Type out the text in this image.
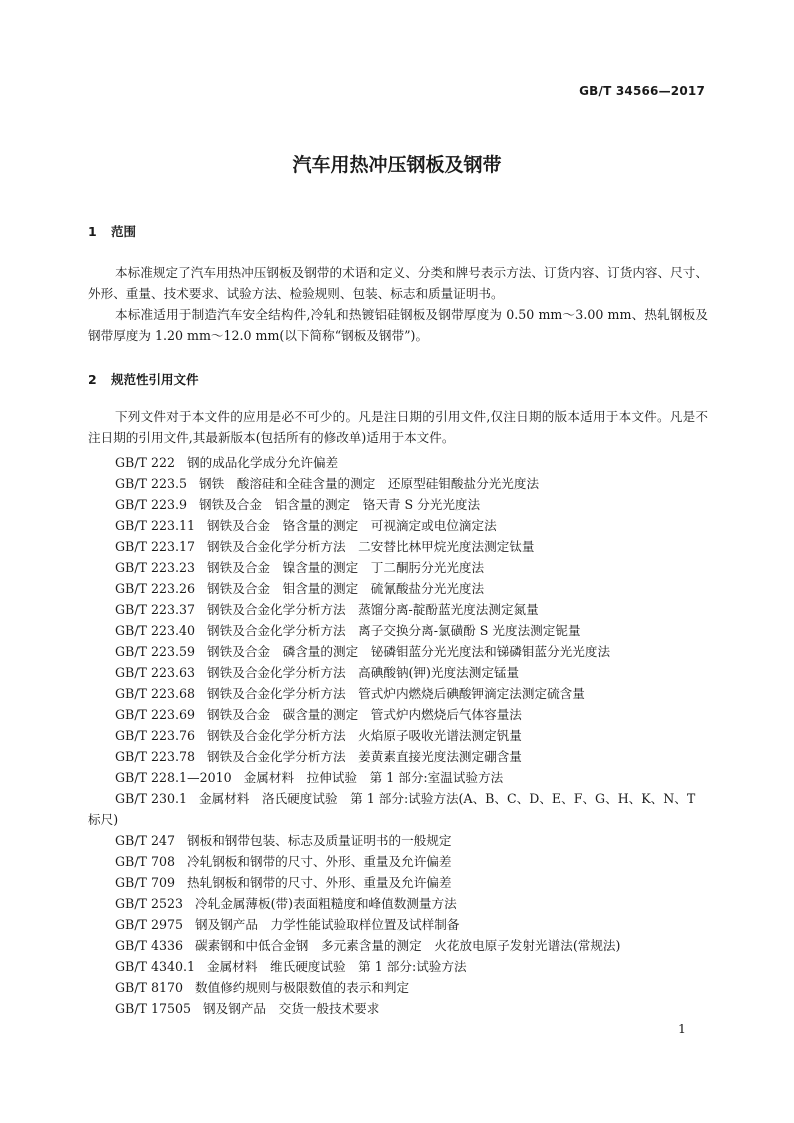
GB/T 34566—2017
汽车用热冲压钢板及钢带
1 范围
本标准规定了汽车用热冲压钢板及钢带的术语和定义、分类和牌号表示方法、订货内容、订货内容、尺寸、外形、重量、技术要求、试验方法、检验规则、包装、标志和质量证明书。
本标准适用于制造汽车安全结构件,冷轧和热镀铝硅钢板及钢带厚度为 0.50 mm～3.00 mm、热轧钢板及钢带厚度为 1.20 mm～12.0 mm(以下简称“钢板及钢带”)。
2 规范性引用文件
下列文件对于本文件的应用是必不可少的。凡是注日期的引用文件,仅注日期的版本适用于本文件。凡是不注日期的引用文件,其最新版本(包括所有的修改单)适用于本文件。
GB/T 222 钢的成品化学成分允许偏差
GB/T 223.5 钢铁　酸溶硅和全硅含量的测定　还原型硅钼酸盐分光光度法
GB/T 223.9 钢铁及合金　铝含量的测定　铬天青 S 分光光度法
GB/T 223.11 钢铁及合金　铬含量的测定　可视滴定或电位滴定法
GB/T 223.17 钢铁及合金化学分析方法　二安替比林甲烷光度法测定钛量
GB/T 223.23 钢铁及合金　镍含量的测定　丁二酮肟分光光度法
GB/T 223.26 钢铁及合金　钼含量的测定　硫氰酸盐分光光度法
GB/T 223.37 钢铁及合金化学分析方法　蒸馏分离-靛酚蓝光度法测定氮量
GB/T 223.40 钢铁及合金化学分析方法　离子交换分离-氯磺酚 S 光度法测定铌量
GB/T 223.59 钢铁及合金　磷含量的测定　铋磷钼蓝分光光度法和锑磷钼蓝分光光度法
GB/T 223.63 钢铁及合金化学分析方法　高碘酸钠(钾)光度法测定锰量
GB/T 223.68 钢铁及合金化学分析方法　管式炉内燃烧后碘酸钾滴定法测定硫含量
GB/T 223.69 钢铁及合金　碳含量的测定　管式炉内燃烧后气体容量法
GB/T 223.76 钢铁及合金化学分析方法　火焰原子吸收光谱法测定钒量
GB/T 223.78 钢铁及合金化学分析方法　姜黄素直接光度法测定硼含量
GB/T 228.1—2010 金属材料　拉伸试验　第 1 部分:室温试验方法
GB/T 230.1 金属材料　洛氏硬度试验　第 1 部分:试验方法(A、B、C、D、E、F、G、H、K、N、T 标尺)
GB/T 247 钢板和钢带包装、标志及质量证明书的一般规定
GB/T 708 冷轧钢板和钢带的尺寸、外形、重量及允许偏差
GB/T 709 热轧钢板和钢带的尺寸、外形、重量及允许偏差
GB/T 2523 冷轧金属薄板(带)表面粗糙度和峰值数测量方法
GB/T 2975 钢及钢产品　力学性能试验取样位置及试样制备
GB/T 4336 碳素钢和中低合金钢　多元素含量的测定　火花放电原子发射光谱法(常规法)
GB/T 4340.1 金属材料　维氏硬度试验　第 1 部分:试验方法
GB/T 8170 数值修约规则与极限数值的表示和判定
GB/T 17505 钢及钢产品　交货一般技术要求
1
